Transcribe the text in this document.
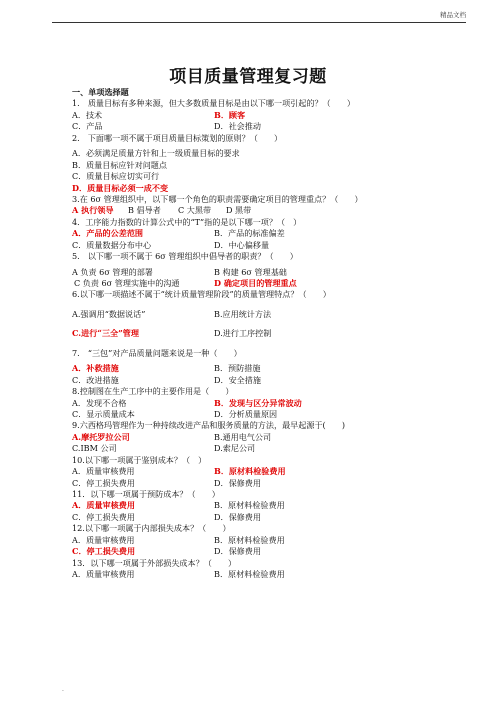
精品文档
项目质量管理复习题
一、单项选择题
1.　质量目标有多种来源，但大多数质量目标是由以下哪一项引起的？（　　）
A．技术	B．顾客
C．产品	D．社会推动
2.　下面哪一项不属于项目质量目标策划的原则？（　　）
A．必须满足质量方针和上一级质量目标的要求
B．质量目标应针对问题点
C．质量目标应切实可行
D．质量目标必须一成不变
3.在 6σ 管理组织中，以下哪一个角色的职责需要确定项目的管理重点？（　　）
A 执行领导	B 倡导者	C 大黑带	D 黑带
4．工序能力指数的计算公式中的“T”指的是以下哪一项？（　）
A．产品的公差范围	B．产品的标准偏差
C．质量数据分布中心	D．中心偏移量
5.　以下哪一项不属于 6σ 管理组织中倡导者的职责？（　　）
A 负责 6σ 管理的部署	B 构建 6σ 管理基础
C 负责 6σ 管理实施中的沟通	D 确定项目的管理重点
6.以下哪一项描述不属于“统计质量管理阶段”的质量管理特点？（　　）
A.强调用“数据说话”	B.应用统计方法
C.进行“三全”管理	D.进行工序控制
7.　“三包”对产品质量问题来说是一种（　　）
A．补救措施	B．预防措施
C．改进措施	D．安全措施
8.控制图在生产工序中的主要作用是（　　）
A．发现不合格	B．发现与区分异常波动
C．显示质量成本	D．分析质量原因
9.六西格玛管理作为一种持续改进产品和服务质量的方法，最早起源于(　　)
A.摩托罗拉公司	B.通用电气公司
C.IBM 公司	D.索尼公司
10.以下哪一项属于鉴别成本？（　）
A．质量审核费用	B．原材料检验费用
C．停工损失费用	D．保修费用
11．以下哪一项属于预防成本？（　　）
A．质量审核费用	B．原材料检验费用
C．停工损失费用	D．保修费用
12.以下哪一项属于内部损失成本？（　　）
A．质量审核费用	B．原材料检验费用
C．停工损失费用	D．保修费用
13．以下哪一项属于外部损失成本？（　　）
A．质量审核费用	B．原材料检验费用
.
